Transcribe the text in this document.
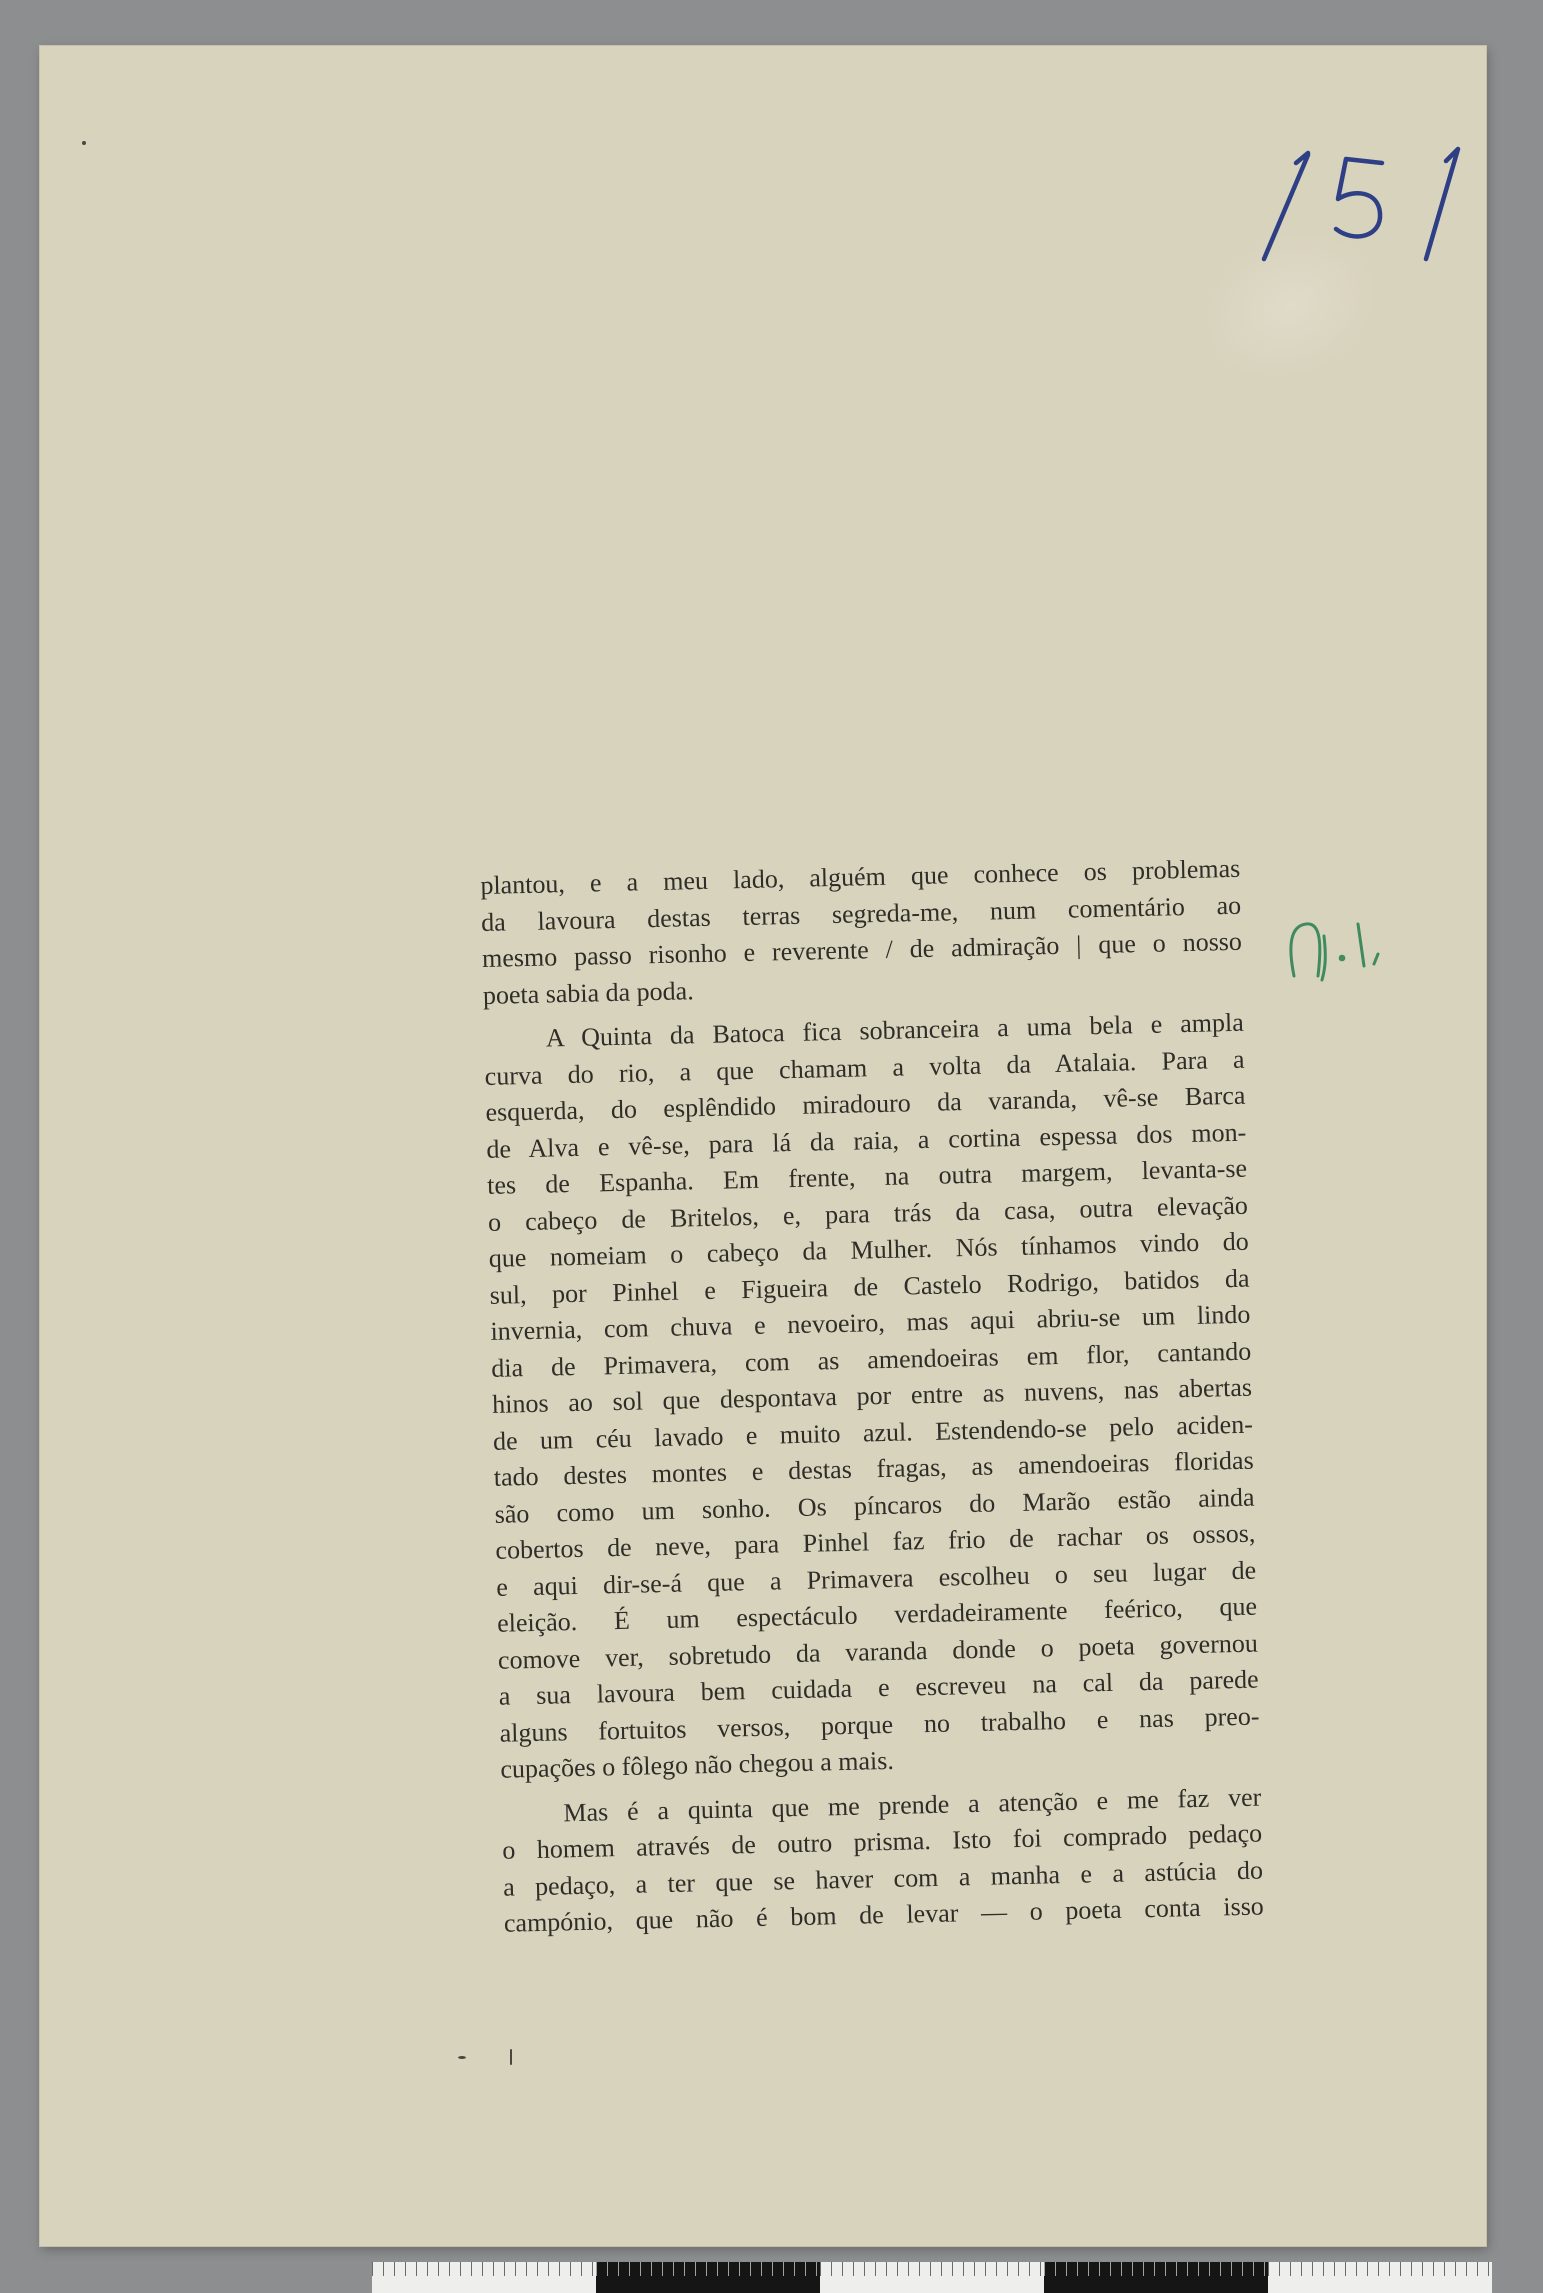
plantou, e a meu lado, alguém que conhece os problemas
da lavoura destas terras segreda-me, num comentário ao
mesmo passo risonho e reverente / de admiração | que o nosso
poeta sabia da poda.
A Quinta da Batoca fica sobranceira a uma bela e ampla
curva do rio, a que chamam a volta da Atalaia. Para a
esquerda, do esplêndido miradouro da varanda, vê-se Barca
de Alva e vê-se, para lá da raia, a cortina espessa dos mon-
tes de Espanha. Em frente, na outra margem, levanta-se
o cabeço de Britelos, e, para trás da casa, outra elevação
que nomeiam o cabeço da Mulher. Nós tínhamos vindo do
sul, por Pinhel e Figueira de Castelo Rodrigo, batidos da
invernia, com chuva e nevoeiro, mas aqui abriu-se um lindo
dia de Primavera, com as amendoeiras em flor, cantando
hinos ao sol que despontava por entre as nuvens, nas abertas
de um céu lavado e muito azul. Estendendo-se pelo aciden-
tado destes montes e destas fragas, as amendoeiras floridas
são como um sonho. Os píncaros do Marão estão ainda
cobertos de neve, para Pinhel faz frio de rachar os ossos,
e aqui dir-se-á que a Primavera escolheu o seu lugar de
eleição. É um espectáculo verdadeiramente feérico, que
comove ver, sobretudo da varanda donde o poeta governou
a sua lavoura bem cuidada e escreveu na cal da parede
alguns fortuitos versos, porque no trabalho e nas preo-
cupações o fôlego não chegou a mais.
Mas é a quinta que me prende a atenção e me faz ver
o homem através de outro prisma. Isto foi comprado pedaço
a pedaço, a ter que se haver com a manha e a astúcia do
campónio, que não é bom de levar — o poeta conta isso
